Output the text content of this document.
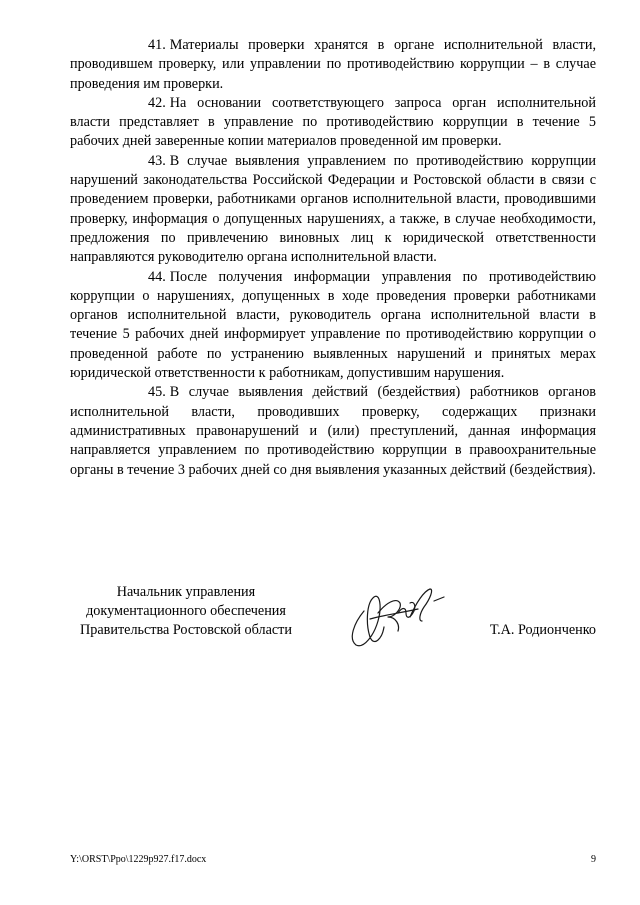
41. Материалы проверки хранятся в органе исполнительной власти, проводившем проверку, или управлении по противодействию коррупции – в случае проведения им проверки.

42. На основании соответствующего запроса орган исполнительной власти представляет в управление по противодействию коррупции в течение 5 рабочих дней заверенные копии материалов проведенной им проверки.

43. В случае выявления управлением по противодействию коррупции нарушений законодательства Российской Федерации и Ростовской области в связи с проведением проверки, работниками органов исполнительной власти, проводившими проверку, информация о допущенных нарушениях, а также, в случае необходимости, предложения по привлечению виновных лиц к юридической ответственности направляются руководителю органа исполнительной власти.

44. После получения информации управления по противодействию коррупции о нарушениях, допущенных в ходе проведения проверки работниками органов исполнительной власти, руководитель органа исполнительной власти в течение 5 рабочих дней информирует управление по противодействию коррупции о проведенной работе по устранению выявленных нарушений и принятых мерах юридической ответственности к работникам, допустившим нарушения.

45. В случае выявления действий (бездействия) работников органов исполнительной власти, проводивших проверку, содержащих признаки административных правонарушений и (или) преступлений, данная информация направляется управлением по противодействию коррупции в правоохранительные органы в течение 3 рабочих дней со дня выявления указанных действий (бездействия).

Начальник управления
документационного обеспечения
Правительства Ростовской области	Т.А. Родионченко
Y:\ORST\Ppo\1229p927.f17.docx	9
